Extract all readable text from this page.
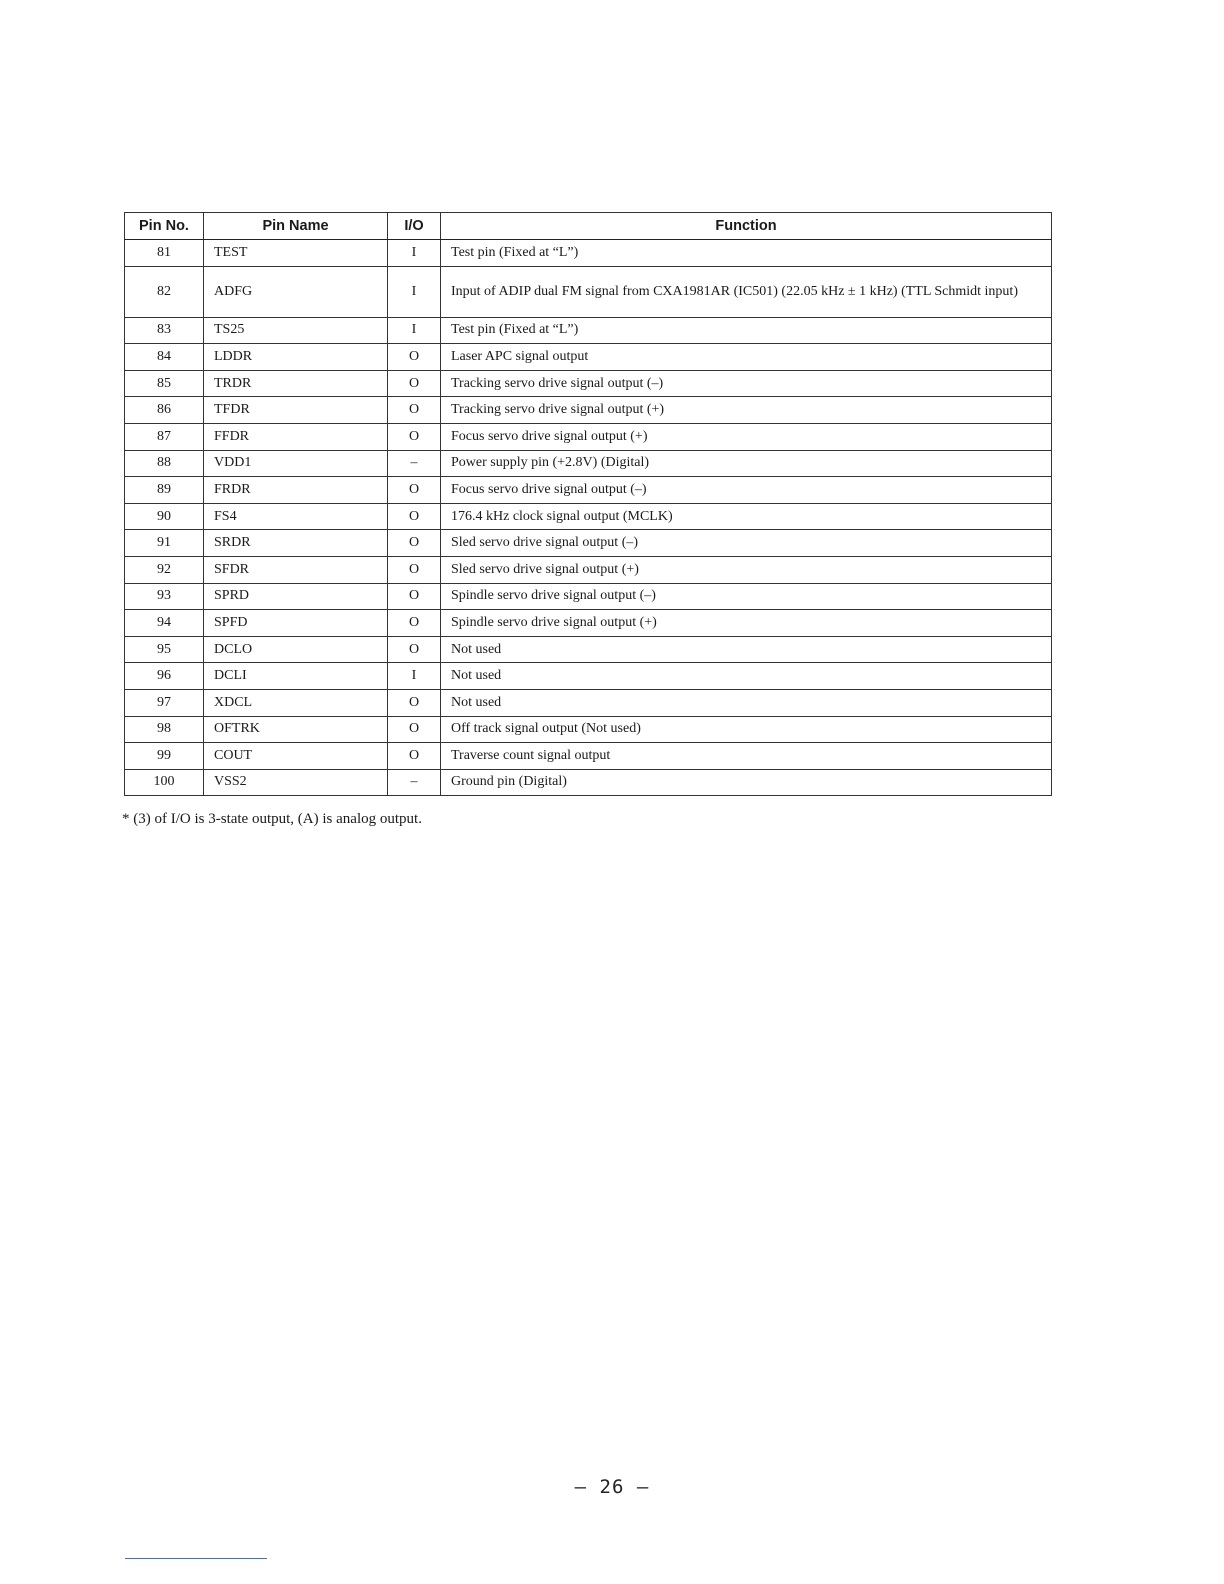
Pin No.	Pin Name	I/O	Function
81	TEST	I	Test pin (Fixed at “L”)
82	ADFG	I	Input of ADIP dual FM signal from CXA1981AR (IC501) (22.05 kHz ± 1 kHz) (TTL Schmidt input)
83	TS25	I	Test pin (Fixed at “L”)
84	LDDR	O	Laser APC signal output
85	TRDR	O	Tracking servo drive signal output (–)
86	TFDR	O	Tracking servo drive signal output (+)
87	FFDR	O	Focus servo drive signal output (+)
88	VDD1	–	Power supply pin (+2.8V) (Digital)
89	FRDR	O	Focus servo drive signal output (–)
90	FS4	O	176.4 kHz clock signal output (MCLK)
91	SRDR	O	Sled servo drive signal output (–)
92	SFDR	O	Sled servo drive signal output (+)
93	SPRD	O	Spindle servo drive signal output (–)
94	SPFD	O	Spindle servo drive signal output (+)
95	DCLO	O	Not used
96	DCLI	I	Not used
97	XDCL	O	Not used
98	OFTRK	O	Off track signal output (Not used)
99	COUT	O	Traverse count signal output
100	VSS2	–	Ground pin (Digital)
* (3) of I/O is 3-state output, (A) is analog output.
— 26 —
